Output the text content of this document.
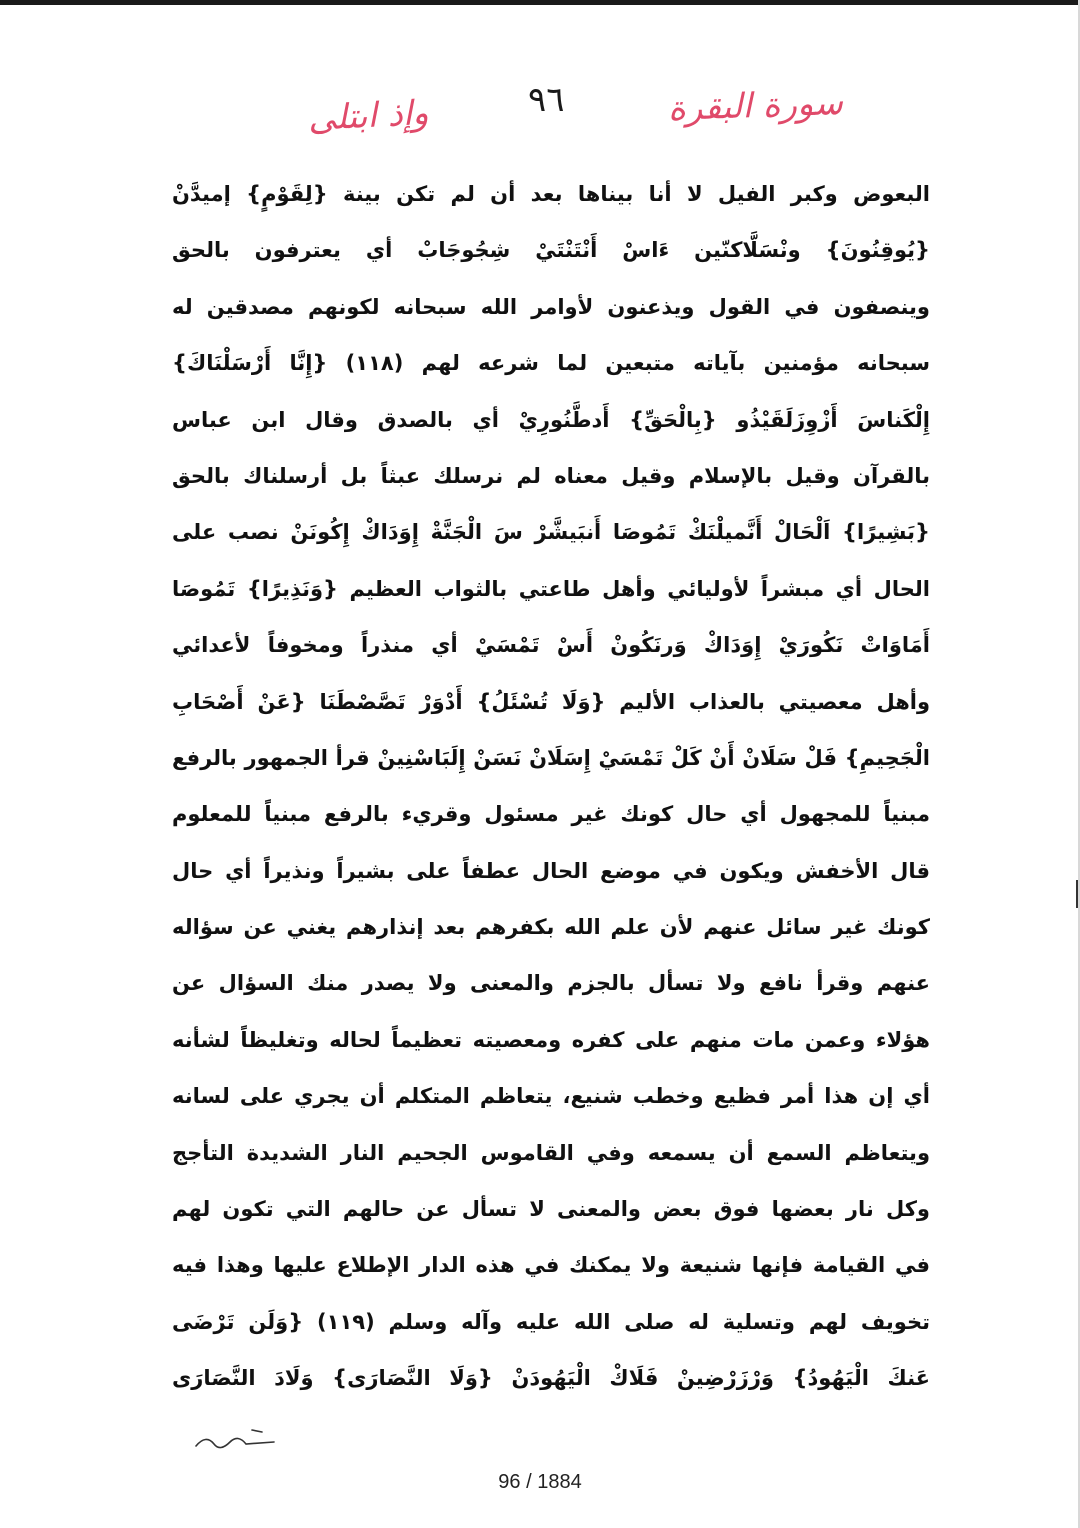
وإذ ابتلى	٩٦	سورة البقرة
البعوض وكبر الفيل لا أنا بيناها بعد أن لم تكن بينة {لِقَوْمٍ} إميدَّنْ
{يُوقِنُونَ} ونْسَلَّاكنّين ءَاسْ أَنْتَنْتَيْ شِجُوجَابْ أي يعترفون بالحق
وينصفون في القول ويذعنون لأوامر الله سبحانه لكونهم مصدقين له
سبحانه مؤمنين بآياته متبعين لما شرعه لهم (١١٨) {إِنَّا أَرْسَلْنَاكَ}
إِلْكَناسَ أَزْوِزَلَقَيْذُو {بِالْحَقِّ} أَدطَّنُورِيْ أي بالصدق وقال ابن عباس
بالقرآن وقيل بالإسلام وقيل معناه لم نرسلك عبثاً بل أرسلناك بالحق
{بَشِيرًا} اَلْحَالْ أَنَّميلْنَكْ تَمُوصَا أَنبَيشَّرْ سَ الْجَنَّةْ إِوَدَاكْ إِكُونَنْ نصب على
الحال أي مبشراً لأوليائي وأهل طاعتي بالثواب العظيم {وَنَذِيرًا} تَمُوصَا
أَمَاوَاتْ نَكُورَيْ إِوَدَاكْ وَرنَكُونْ أَسْ تَمْسَيْ أي منذراً ومخوفاً لأعدائي
وأهل معصيتي بالعذاب الأليم {وَلَا تُسْئَلُ} أَدْوَرْ تَصَّصْطَنَا {عَنْ أَصْحَابِ
الْجَحِيمِ} فَلْ سَلَانْ أَنْ كَلْ تَمْسَيْ إِسَلَانْ نَسَنْ إِلَبَاسْنِينْ قرأ الجمهور بالرفع
مبنياً للمجهول أي حال كونك غير مسئول وقريء بالرفع مبنياً للمعلوم
قال الأخفش ويكون في موضع الحال عطفاً على بشيراً ونذيراً أي حال
كونك غير سائل عنهم لأن علم الله بكفرهم بعد إنذارهم يغني عن سؤاله
عنهم وقرأ نافع ولا تسأل بالجزم والمعنى ولا يصدر منك السؤال عن
هؤلاء وعمن مات منهم على كفره ومعصيته تعظيماً لحاله وتغليظاً لشأنه
أي إن هذا أمر فظيع وخطب شنيع، يتعاظم المتكلم أن يجري على لسانه
ويتعاظم السمع أن يسمعه وفي القاموس الجحيم النار الشديدة التأجج
وكل نار بعضها فوق بعض والمعنى لا تسأل عن حالهم التي تكون لهم
في القيامة فإنها شنيعة ولا يمكنك في هذه الدار الإطلاع عليها وهذا فيه
تخويف لهم وتسلية له صلى الله عليه وآله وسلم (١١٩) {وَلَن تَرْضَى
عَنكَ الْيَهُودُ} وَرْزَرْضِينْ فَلَاكْ الْيَهُودَنْ {وَلَا النَّصَارَى} وَلَادَ النَّصَارَى
96 / 1884
